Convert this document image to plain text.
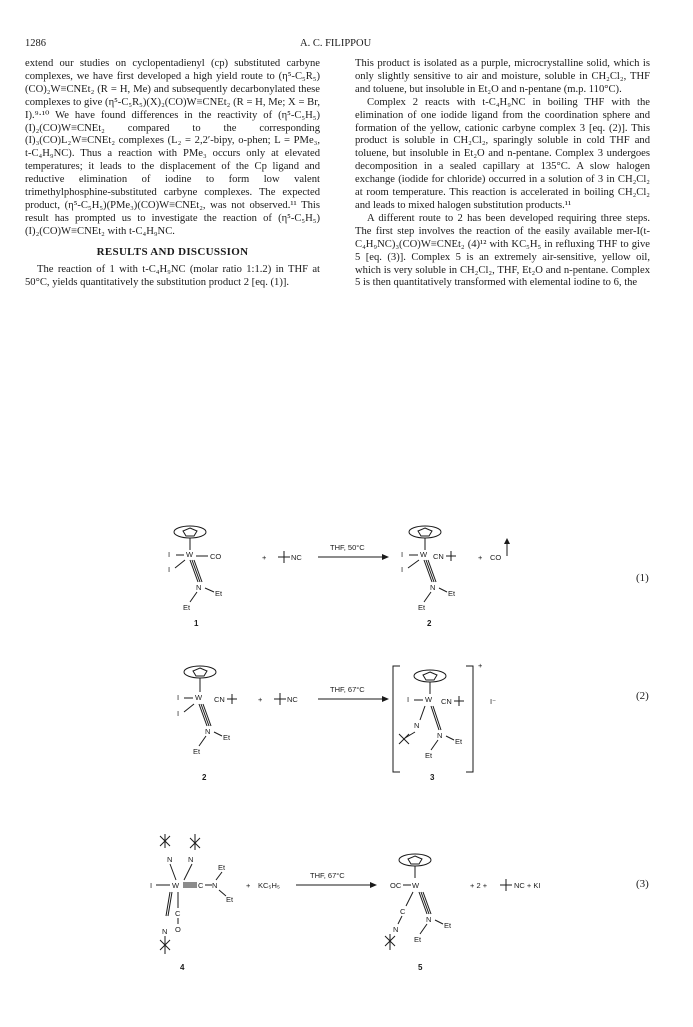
1286	A. C. FILIPPOU

extend our studies on cyclopentadienyl (cp) substituted carbyne complexes, we have first developed a high yield route to (η⁵-C₅R₅)(CO)₂W≡CNEt₂ (R = H, Me) and subsequently decarbonylated these complexes to give (η⁵-C₅R₅)(X)₂(CO)W≡CNEt₂ (R = H, Me; X = Br, I).⁹·¹⁰ We have found differences in the reactivity of (η⁵-C₅H₅)(I)₂(CO)W≡CNEt₂ compared to the corresponding (I)₃(CO)L₂W≡CNEt₂ complexes (L₂ = 2,2′-bipy, o-phen; L = PMe₃, t-C₄H₉NC). Thus a reaction with PMe₃ occurs only at elevated temperatures; it leads to the displacement of the Cp ligand and reductive elimination of iodine to form low valent trimethylphosphine-substituted carbyne complexes. The expected product, (η⁵-C₅H₅)(PMe₃)(CO)W≡CNEt₂, was not observed.¹¹ This result has prompted us to investigate the reaction of (η⁵-C₅H₅)(I)₂(CO)W≡CNEt₂ with t-C₄H₉NC.

RESULTS AND DISCUSSION

The reaction of 1 with t-C₄H₉NC (molar ratio 1:1.2) in THF at 50°C, yields quantitatively the substitution product 2 [eq. (1)].

This product is isolated as a purple, microcrystalline solid, which is only slightly sensitive to air and moisture, soluble in CH₂Cl₂, THF and toluene, but insoluble in Et₂O and n-pentane (m.p. 110°C).

Complex 2 reacts with t-C₄H₉NC in boiling THF with the elimination of one iodide ligand from the coordination sphere and formation of the yellow, cationic carbyne complex 3 [eq. (2)]. This product is soluble in CH₂Cl₂, sparingly soluble in cold THF and toluene, but insoluble in Et₂O and n-pentane. Complex 3 undergoes decomposition in a sealed capillary at 135°C. A slow halogen exchange (iodide for chloride) occurred in a solution of 3 in CH₂Cl₂ at room temperature. This reaction is accelerated in boiling CH₂Cl₂ and leads to mixed halogen substitution products.¹¹

A different route to 2 has been developed requiring three steps. The first step involves the reaction of the easily available mer-I(t-C₄H₉NC)₃(CO)W≡CNEt₂ (4)¹² with KC₅H₅ in refluxing THF to give 5 [eq. (3)]. Complex 5 is an extremely air-sensitive, yellow oil, which is very soluble in CH₂Cl₂, THF, Et₂O and n-pentane. Complex 5 is then quantitatively transformed with elemental iodine to 6, the

W
I
I
CO
N
Et
Et
1
+	NC
THF, 50°C
W
I
I
CN
N
Et
Et
2
+ CO
(1)
W
I
I
CN
N
Et
Et
2
+	NC
THF, 67°C
+
W
I	CN
N
N
Et
Et
3
I⁻	(2)
N N
I	W	C N
Et
Et
C
O
N
4
+ KC₅H₅
THF, 67°C
OC W
C
N
N
Et
Et
5
+ 2 +	NC + KI	(3)
